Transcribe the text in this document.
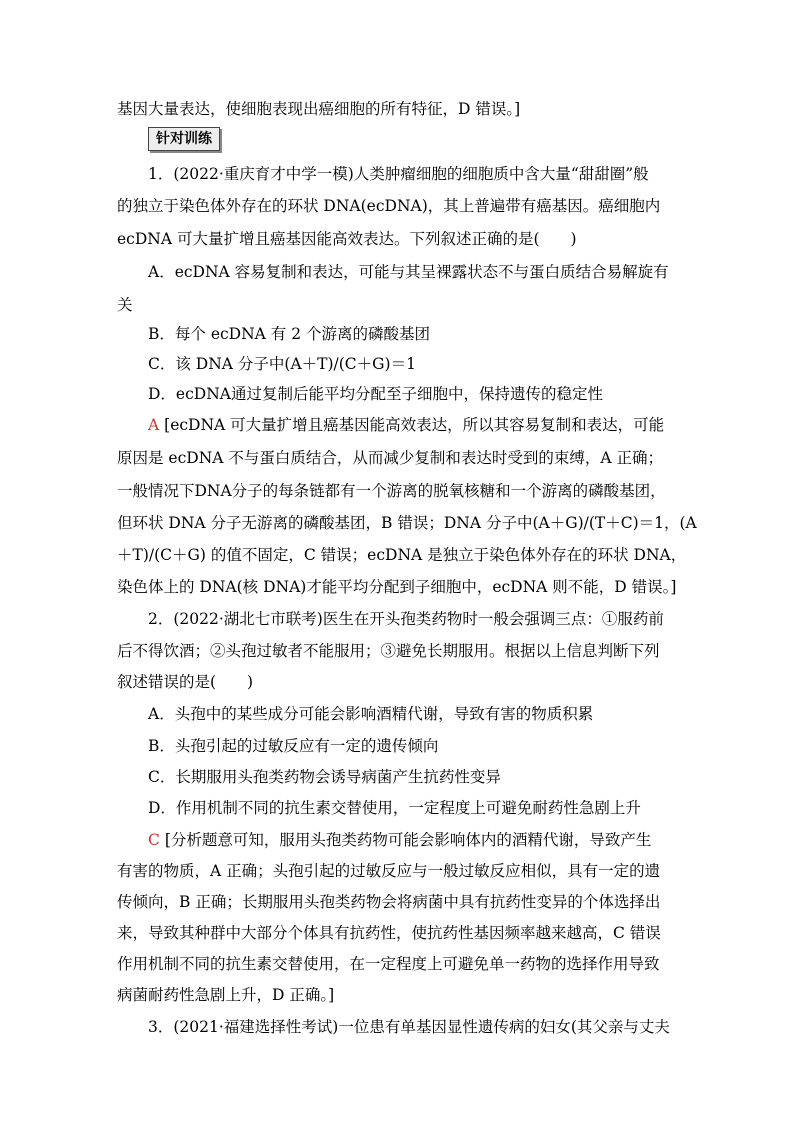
基因大量表达，使细胞表现出癌细胞的所有特征，D 错误。]
针对训练
1．(2022·重庆育才中学一模)人类肿瘤细胞的细胞质中含大量“甜甜圈”般
的独立于染色体外存在的环状 DNA(ecDNA)，其上普遍带有癌基因。癌细胞内
ecDNA 可大量扩增且癌基因能高效表达。下列叙述正确的是(　　)
A．ecDNA 容易复制和表达，可能与其呈裸露状态不与蛋白质结合易解旋有
关
B．每个 ecDNA 有 2 个游离的磷酸基团
C．该 DNA 分子中(A＋T)/(C＋G)＝1
D．ecDNA通过复制后能平均分配至子细胞中，保持遗传的稳定性
A [ecDNA 可大量扩增且癌基因能高效表达，所以其容易复制和表达，可能
原因是 ecDNA 不与蛋白质结合，从而减少复制和表达时受到的束缚，A 正确；
一般情况下DNA分子的每条链都有一个游离的脱氧核糖和一个游离的磷酸基团，
但环状 DNA 分子无游离的磷酸基团，B 错误；DNA 分子中(A＋G)/(T＋C)＝1，(A
＋T)/(C＋G) 的值不固定，C 错误；ecDNA 是独立于染色体外存在的环状 DNA，
染色体上的 DNA(核 DNA)才能平均分配到子细胞中，ecDNA 则不能，D 错误。]
2．(2022·湖北七市联考)医生在开头孢类药物时一般会强调三点：①服药前
后不得饮酒；②头孢过敏者不能服用；③避免长期服用。根据以上信息判断下列
叙述错误的是(　　)
A．头孢中的某些成分可能会影响酒精代谢，导致有害的物质积累
B．头孢引起的过敏反应有一定的遗传倾向
C．长期服用头孢类药物会诱导病菌产生抗药性变异
D．作用机制不同的抗生素交替使用，一定程度上可避免耐药性急剧上升
C [分析题意可知，服用头孢类药物可能会影响体内的酒精代谢，导致产生
有害的物质，A 正确；头孢引起的过敏反应与一般过敏反应相似，具有一定的遗
传倾向，B 正确；长期服用头孢类药物会将病菌中具有抗药性变异的个体选择出
来，导致其种群中大部分个体具有抗药性，使抗药性基因频率越来越高，C 错误
作用机制不同的抗生素交替使用，在一定程度上可避免单一药物的选择作用导致
病菌耐药性急剧上升，D 正确。]
3．(2021·福建选择性考试)一位患有单基因显性遗传病的妇女(其父亲与丈夫
